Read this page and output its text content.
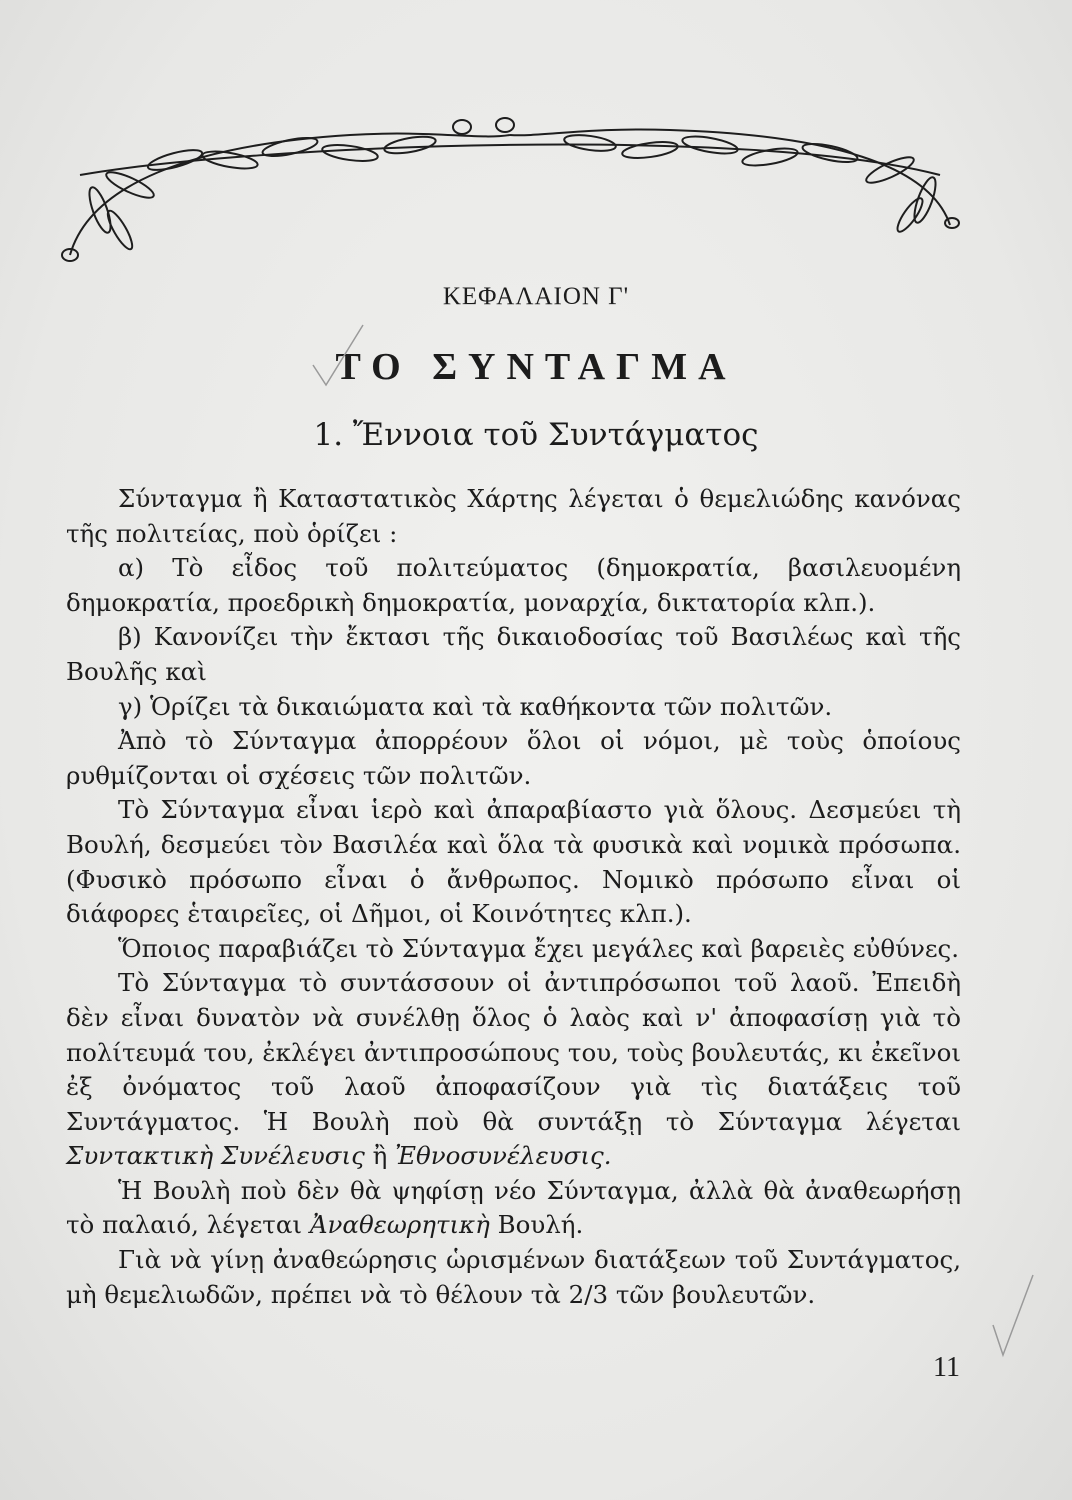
ΚΕΦΑΛΑΙΟΝ Γ'
ΤΟ ΣΥΝΤΑΓΜΑ
1. Ἔννοια τοῦ Συντάγματος

Σύνταγμα ἢ Καταστατικὸς Χάρτης λέγεται ὁ θεμελιώδης κανόνας τῆς πολιτείας, ποὺ ὁρίζει :

α) Τὸ εἶδος τοῦ πολιτεύματος (δημοκρατία, βασιλευομένη δημοκρατία, προεδρικὴ δημοκρατία, μοναρχία, δικτατορία κλπ.).

β) Κανονίζει τὴν ἔκτασι τῆς δικαιοδοσίας τοῦ Βασιλέως καὶ τῆς Βουλῆς καὶ

γ) Ὁρίζει τὰ δικαιώματα καὶ τὰ καθήκοντα τῶν πολιτῶν.

Ἀπὸ τὸ Σύνταγμα ἀπορρέουν ὅλοι οἱ νόμοι, μὲ τοὺς ὁποίους ρυθμίζονται οἱ σχέσεις τῶν πολιτῶν.

Τὸ Σύνταγμα εἶναι ἱερὸ καὶ ἀπαραβίαστο γιὰ ὅλους. Δεσμεύει τὴ Βουλή, δεσμεύει τὸν Βασιλέα καὶ ὅλα τὰ φυσικὰ καὶ νομικὰ πρόσωπα. (Φυσικὸ πρόσωπο εἶναι ὁ ἄνθρωπος. Νομικὸ πρόσωπο εἶναι οἱ διάφορες ἑταιρεῖες, οἱ Δῆμοι, οἱ Κοινότητες κλπ.).

Ὅποιος παραβιάζει τὸ Σύνταγμα ἔχει μεγάλες καὶ βαρειὲς εὐθύνες.

Τὸ Σύνταγμα τὸ συντάσσουν οἱ ἀντιπρόσωποι τοῦ λαοῦ. Ἐπειδὴ δὲν εἶναι δυνατὸν νὰ συνέλθῃ ὅλος ὁ λαὸς καὶ ν' ἀποφασίσῃ γιὰ τὸ πολίτευμά του, ἐκλέγει ἀντιπροσώπους του, τοὺς βουλευτάς, κι ἐκεῖνοι ἐξ ὀνόματος τοῦ λαοῦ ἀποφασίζουν γιὰ τὶς διατάξεις τοῦ Συντάγματος. Ἡ Βουλὴ ποὺ θὰ συντάξῃ τὸ Σύνταγμα λέγεται Συντακτικὴ Συνέλευσις ἢ Ἐθνοσυνέλευσις.

Ἡ Βουλὴ ποὺ δὲν θὰ ψηφίσῃ νέο Σύνταγμα, ἀλλὰ θὰ ἀναθεωρήσῃ τὸ παλαιό, λέγεται Ἀναθεωρητικὴ Βουλή.

Γιὰ νὰ γίνῃ ἀναθεώρησις ὡρισμένων διατάξεων τοῦ Συντάγματος, μὴ θεμελιωδῶν, πρέπει νὰ τὸ θέλουν τὰ 2/3 τῶν βουλευτῶν.

11
